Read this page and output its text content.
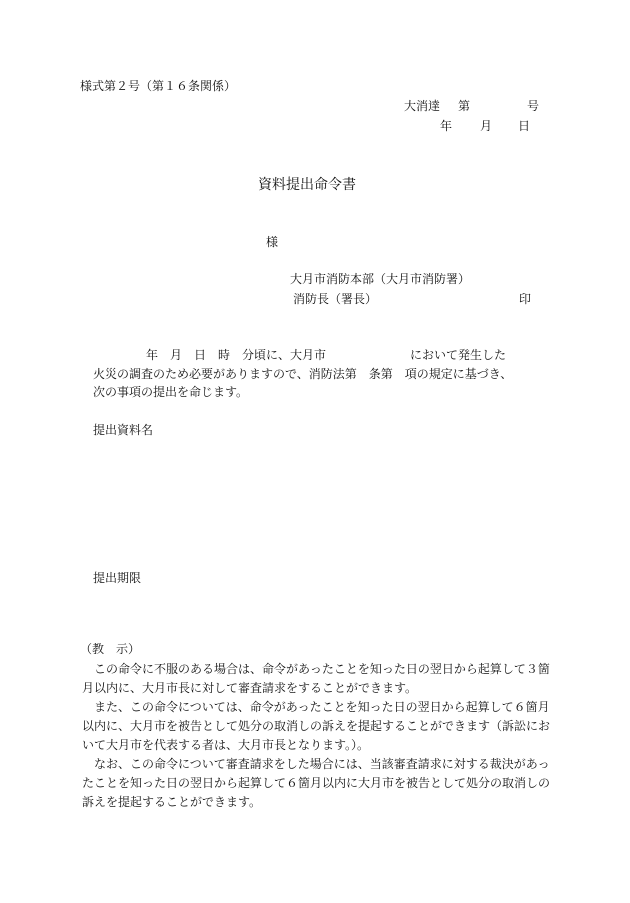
様式第２号（第１６条関係）
大消達 第	号
年 月 日
資料提出命令書
様
大月市消防本部（大月市消防署）
消防長（署長）	印
年　月　日　時　分頃に、大月市　　　　　　　において発生した
火災の調査のため必要がありますので、消防法第　条第　項の規定に基づき、
次の事項の提出を命じます。
提出資料名
提出期限
（教　示）

この命令に不服のある場合は、命令があったことを知った日の翌日から起算して３箇月以内に、大月市長に対して審査請求をすることができます。

また、この命令については、命令があったことを知った日の翌日から起算して６箇月以内に、大月市を被告として処分の取消しの訴えを提起することができます（訴訟において大月市を代表する者は、大月市長となります。）。

なお、この命令について審査請求をした場合には、当該審査請求に対する裁決があったことを知った日の翌日から起算して６箇月以内に大月市を被告として処分の取消しの訴えを提起することができます。
